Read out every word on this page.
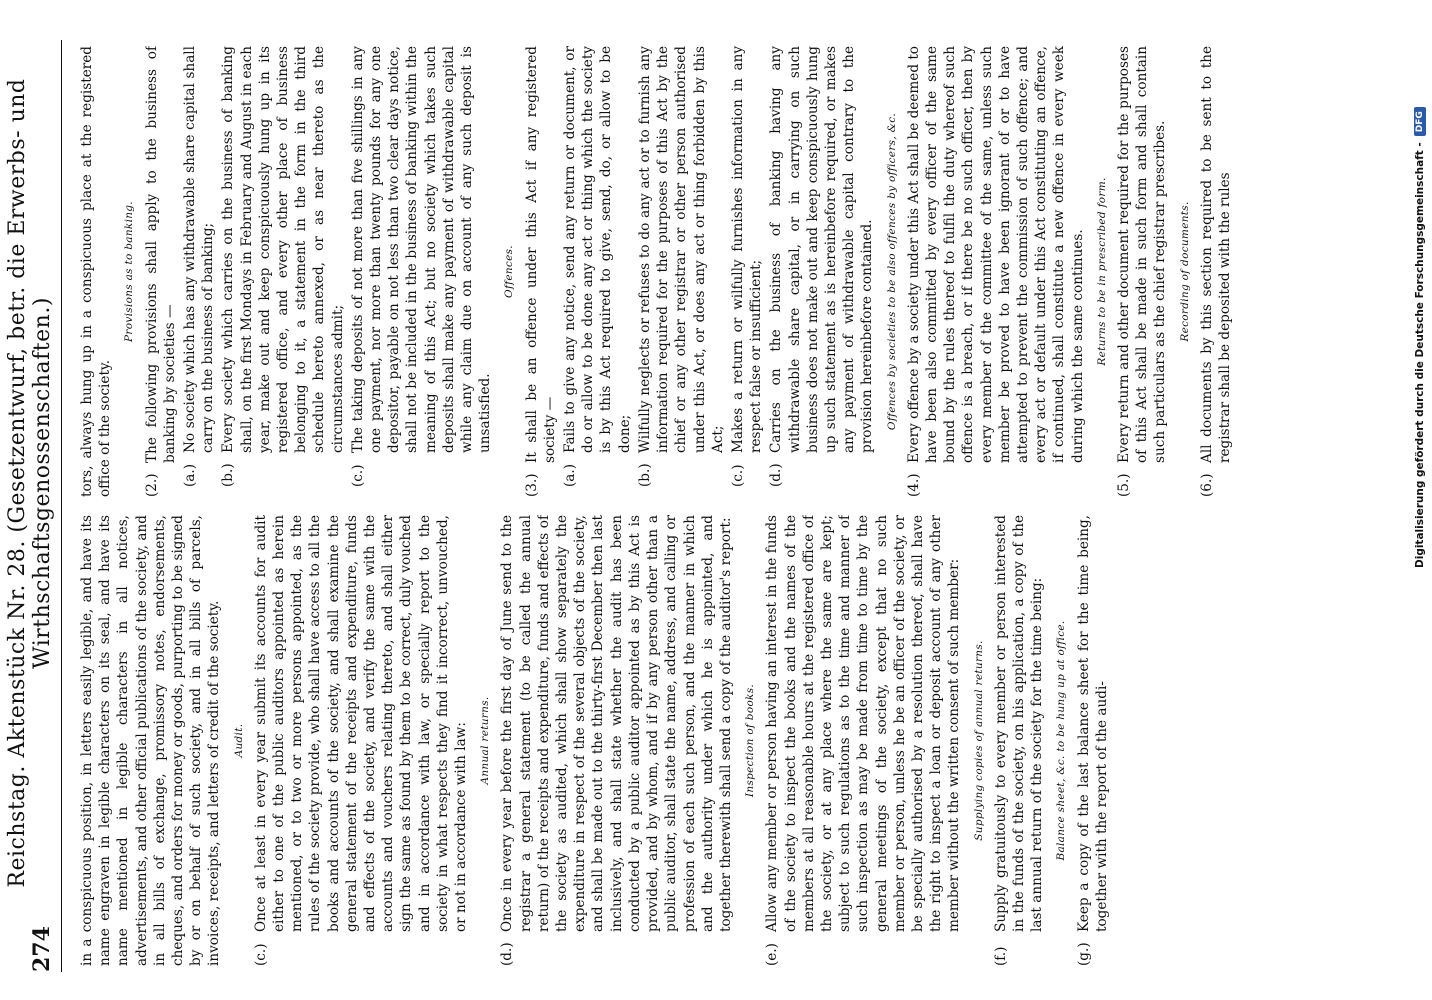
274
Reichstag. Aktenstück Nr. 28. (Gesetzentwurf, betr. die Erwerbs- und Wirthschaftsgenossenschaften.)

in a conspicuous position, in letters easily legible, and have its name engraven in legible characters on its seal, and have its name mentioned in legible characters in all notices, advertisements, and other official publications of the society, and in all bills of exchange, promissory notes, endorsements, cheques, and orders for money or goods, purporting to be signed by or on behalf of such society, and in all bills of parcels, invoices, receipts, and letters of credit of the society. Audit.
(c.)
Once at least in every year submit its accounts for audit either to one of the public auditors appointed as herein mentioned, or to two or more persons appointed, as the rules of the society provide, who shall have access to all the books and accounts of the society, and shall examine the general statement of the receipts and expenditure, funds and effects of the society, and verify the same with the accounts and vouchers relating thereto, and shall either sign the same as found by them to be correct, duly vouched and in accordance with law, or specially report to the society in what respects they find it incorrect, unvouched, or not in accordance with law: Annual returns.
(d.)
Once in every year before the first day of June send to the registrar a general statement (to be called the annual return) of the receipts and expenditure, funds and effects of the society as audited, which shall show separately the expenditure in respect of the several objects of the society, and shall be made out to the thirty-first December then last inclusively, and shall state whether the audit has been conducted by a public auditor appointed as by this Act is provided, and by whom, and if by any person other than a public auditor, shall state the name, address, and calling or profession of each such person, and the manner in which and the authority under which he is appointed, and together therewith shall send a copy of the auditor's report: Inspection of books.
(e.)
Allow any member or person having an interest in the funds of the society to inspect the books and the names of the members at all reasonable hours at the registered office of the society, or at any place where the same are kept; subject to such regulations as to the time and manner of such inspection as may be made from time to time by the general meetings of the society, except that no such member or person, unless he be an officer of the society, or be specially authorised by a resolution thereof, shall have the right to inspect a loan or deposit account of any other member without the written consent of such member: Supplying copies of annual returns.
(f.)
Supply gratuitously to every member or person interested in the funds of the society, on his application, a copy of the last annual return of the society for the time being: Balance sheet, &c. to be hung up at office.
(g.)
Keep a copy of the last balance sheet for the time being, together with the report of the audi-

tors, always hung up in a conspicuous place at the registered office of the society.

Provisions as to banking.
(2.)
The following provisions shall apply to the business of banking by societies —
(a.)
No society which has any withdrawable share capital shall carry on the business of banking;
(b.)
Every society which carries on the business of banking shall, on the first Mondays in February and August in each year, make out and keep conspicuously hung up in its registered office, and every other place of business belonging to it, a statement in the form in the third schedule hereto annexed, or as near thereto as the circumstances admit;
(c.)
The taking deposits of not more than five shillings in any one payment, nor more than twenty pounds for any one depositor, payable on not less than two clear days notice, shall not be included in the business of banking within the meaning of this Act; but no society which takes such deposits shall make any payment of withdrawable capital while any claim due on account of any such deposit is unsatisfied.
Offences.
(3.)
It shall be an offence under this Act if any registered society —
(a.)
Fails to give any notice, send any return or document, or do or allow to be done any act or thing which the society is by this Act required to give, send, do, or allow to be done;
(b.)
Wilfully neglects or refuses to do any act or to furnish any information required for the purposes of this Act by the chief or any other registrar or other person authorised under this Act, or does any act or thing forbidden by this Act;
(c.)
Makes a return or wilfully furnishes information in any respect false or insufficient;
(d.)
Carries on the business of banking having any withdrawable share capital, or in carrying on such business does not make out and keep conspicuously hung up such statement as is hereinbefore required, or makes any payment of withdrawable capital contrary to the provision hereinbefore contained. Offences by societies to be also offences by officers, &c.
(4.)
Every offence by a society under this Act shall be deemed to have been also committed by every officer of the same bound by the rules thereof to fulfil the duty whereof such offence is a breach, or if there be no such officer, then by every member of the committee of the same, unless such member be proved to have been ignorant of or to have attempted to prevent the commission of such offence; and every act or default under this Act constituting an offence, if continued, shall constitute a new offence in every week during which the same continues. Returns to be in prescribed form.
(5.)
Every return and other document required for the purposes of this Act shall be made in such form and shall contain such particulars as the chief registrar prescribes. Recording of documents.
(6.)
All documents by this section required to be sent to the registrar shall be deposited with the rules	Digitalisierung gefördert durch die Deutsche Forschungsgemeinschaft -
DFG
